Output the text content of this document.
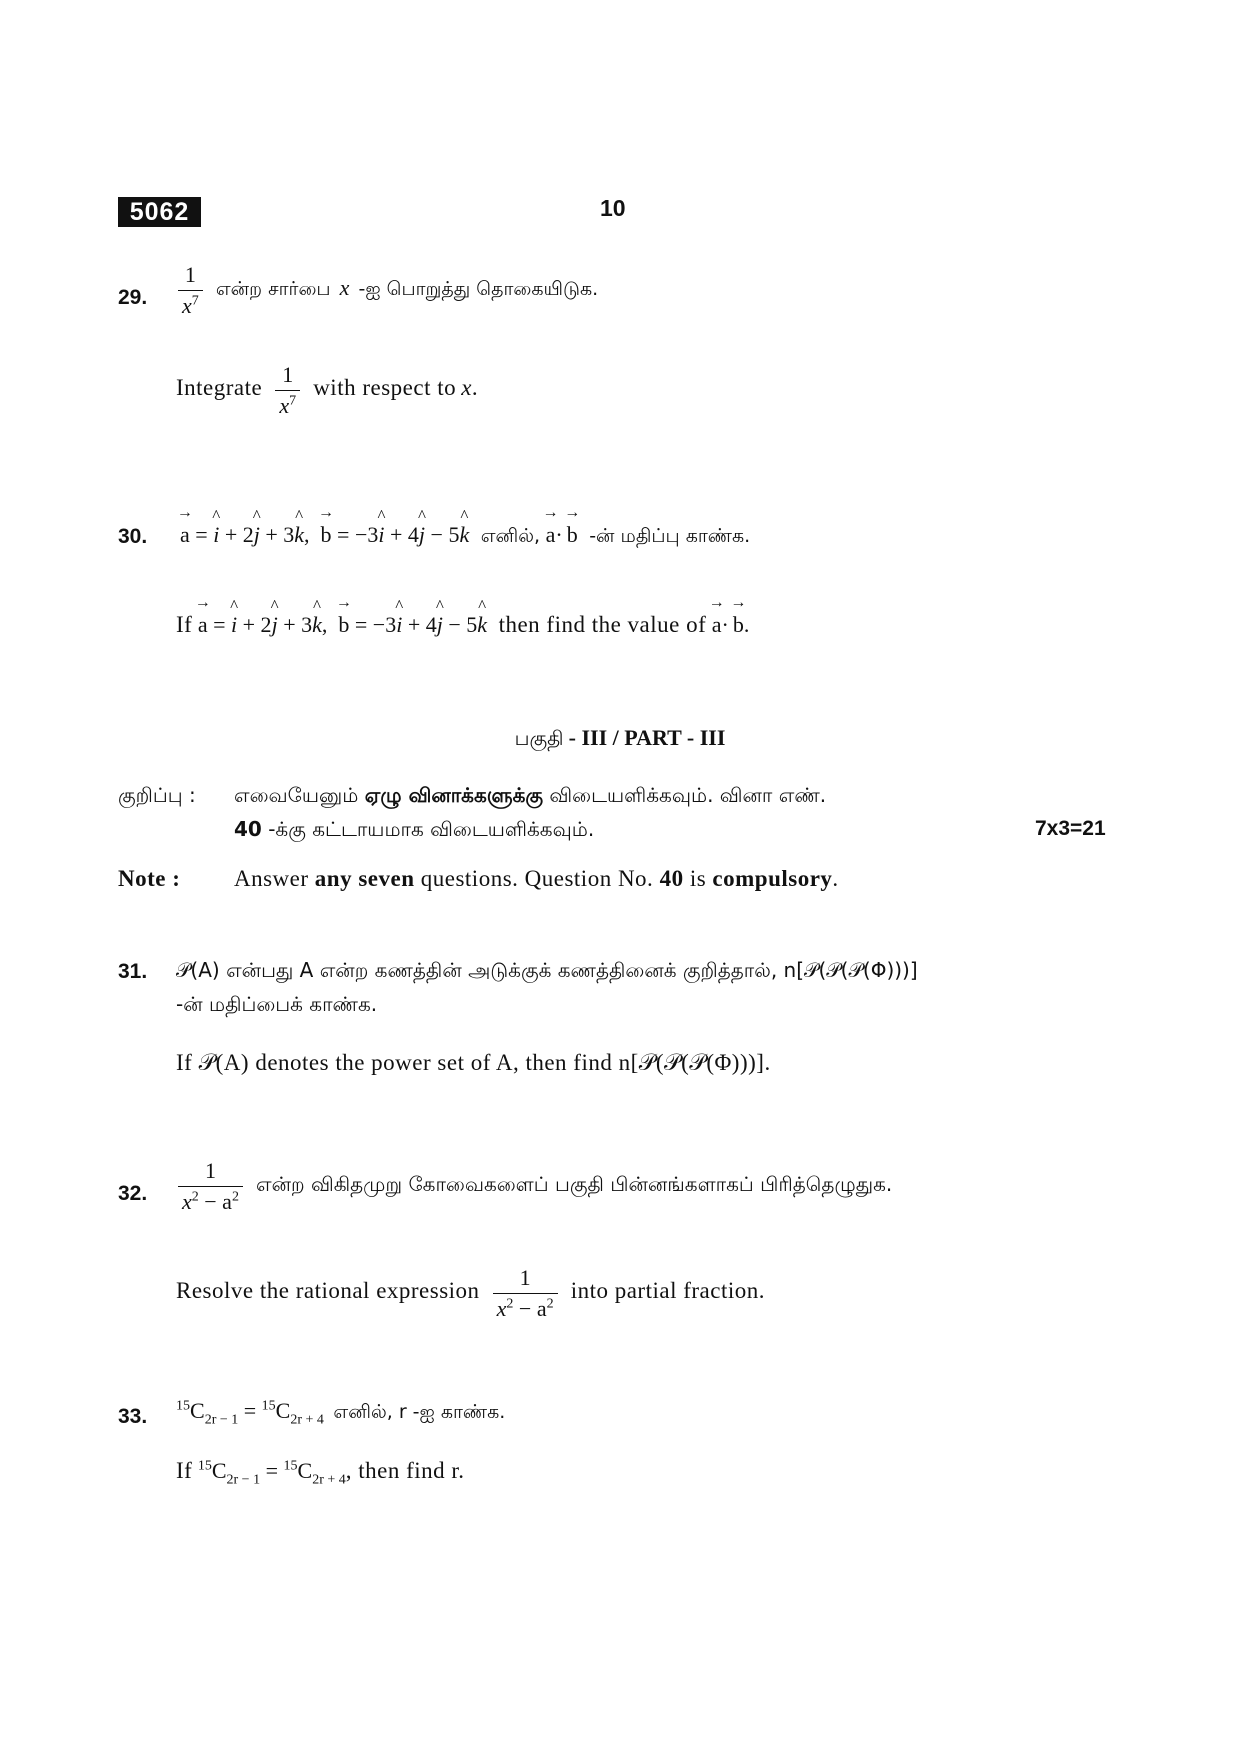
5062	10
29. $\frac{1}{x^7}$ என்ற சார்பை x -ஐ பொறுத்து தொகையிடுக.
Integrate $\frac{1}{x^7}$ with respect to x.
30. → a = ^ i + 2^ j + 3^ k, → b = −3^ i + 4^ j − 5^ k எனில், → a· → b -ன் மதிப்பு காண்க.
If → a = ^ i + 2^ j + 3^ k, → b = −3^ i + 4^ j − 5^ k then find the value of → a· → b.
பகுதி - III / PART - III
குறிப்பு : எவையேனும் ஏழு வினாக்களுக்கு விடையளிக்கவும். வினா எண்.
40 -க்கு கட்டாயமாக விடையளிக்கவும்.	7x3=21
Note : Answer any seven questions. Question No. 40 is compulsory.
31. 𝒫(A) என்பது A என்ற கணத்தின் அடுக்குக் கணத்தினைக் குறித்தால், n[𝒫(𝒫(𝒫(Φ)))]
-ன் மதிப்பைக் காண்க.
If 𝒫(A) denotes the power set of A, then find n[𝒫(𝒫(𝒫(Φ)))].
32. $\frac{1}{x^2 - a^2}$ என்ற விகிதமுறு கோவைகளைப் பகுதி பின்னங்களாகப் பிரித்தெழுதுக.
Resolve the rational expression $\frac{1}{x^2 - a^2}$ into partial fraction.
33. $^{15}C_{2r - 1} = ^{15}C_{2r + 4}$ எனில், r -ஐ காண்க.
If $^{15}C_{2r - 1} = ^{15}C_{2r + 4}$, then find r.
